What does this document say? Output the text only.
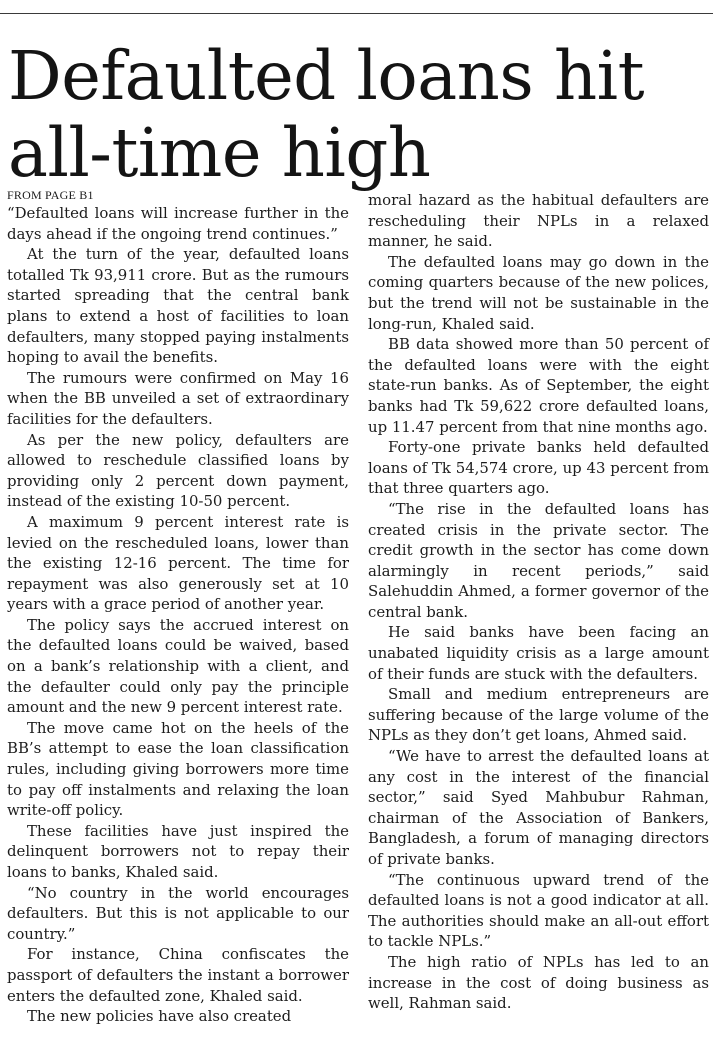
Defaulted loans hit all-time high
FROM PAGE B1

“Defaulted loans will increase further in the days ahead if the ongoing trend continues.”

At the turn of the year, defaulted loans totalled Tk 93,911 crore. But as the rumours started spreading that the central bank plans to extend a host of facilities to loan defaulters, many stopped paying instalments hoping to avail the benefits.

The rumours were confirmed on May 16 when the BB unveiled a set of extraordinary facilities for the defaulters.

As per the new policy, defaulters are allowed to reschedule classified loans by providing only 2 percent down payment, instead of the existing 10-50 percent.

A maximum 9 percent interest rate is levied on the rescheduled loans, lower than the existing 12-16 percent. The time for repayment was also generously set at 10 years with a grace period of another year.

The policy says the accrued interest on the defaulted loans could be waived, based on a bank’s relationship with a client, and the defaulter could only pay the principle amount and the new 9 percent interest rate.

The move came hot on the heels of the BB’s attempt to ease the loan classification rules, including giving borrowers more time to pay off instalments and relaxing the loan write-off policy.

These facilities have just inspired the delinquent borrowers not to repay their loans to banks, Khaled said.

“No country in the world encourages defaulters. But this is not applicable to our country.”

For instance, China confiscates the passport of defaulters the instant a borrower enters the defaulted zone, Khaled said.

The new policies have also created

moral hazard as the habitual defaulters are rescheduling their NPLs in a relaxed manner, he said.

The defaulted loans may go down in the coming quarters because of the new polices, but the trend will not be sustainable in the long-run, Khaled said.

BB data showed more than 50 percent of the defaulted loans were with the eight state-run banks. As of September, the eight banks had Tk 59,622 crore defaulted loans, up 11.47 percent from that nine months ago.

Forty-one private banks held defaulted loans of Tk 54,574 crore, up 43 percent from that three quarters ago.

“The rise in the defaulted loans has created crisis in the private sector. The credit growth in the sector has come down alarmingly in recent periods,” said Salehuddin Ahmed, a former governor of the central bank.

He said banks have been facing an unabated liquidity crisis as a large amount of their funds are stuck with the defaulters.

Small and medium entrepreneurs are suffering because of the large volume of the NPLs as they don’t get loans, Ahmed said.

“We have to arrest the defaulted loans at any cost in the interest of the financial sector,” said Syed Mahbubur Rahman, chairman of the Association of Bankers, Bangladesh, a forum of managing directors of private banks.

“The continuous upward trend of the defaulted loans is not a good indicator at all. The authorities should make an all-out effort to tackle NPLs.”

The high ratio of NPLs has led to an increase in the cost of doing business as well, Rahman said.
